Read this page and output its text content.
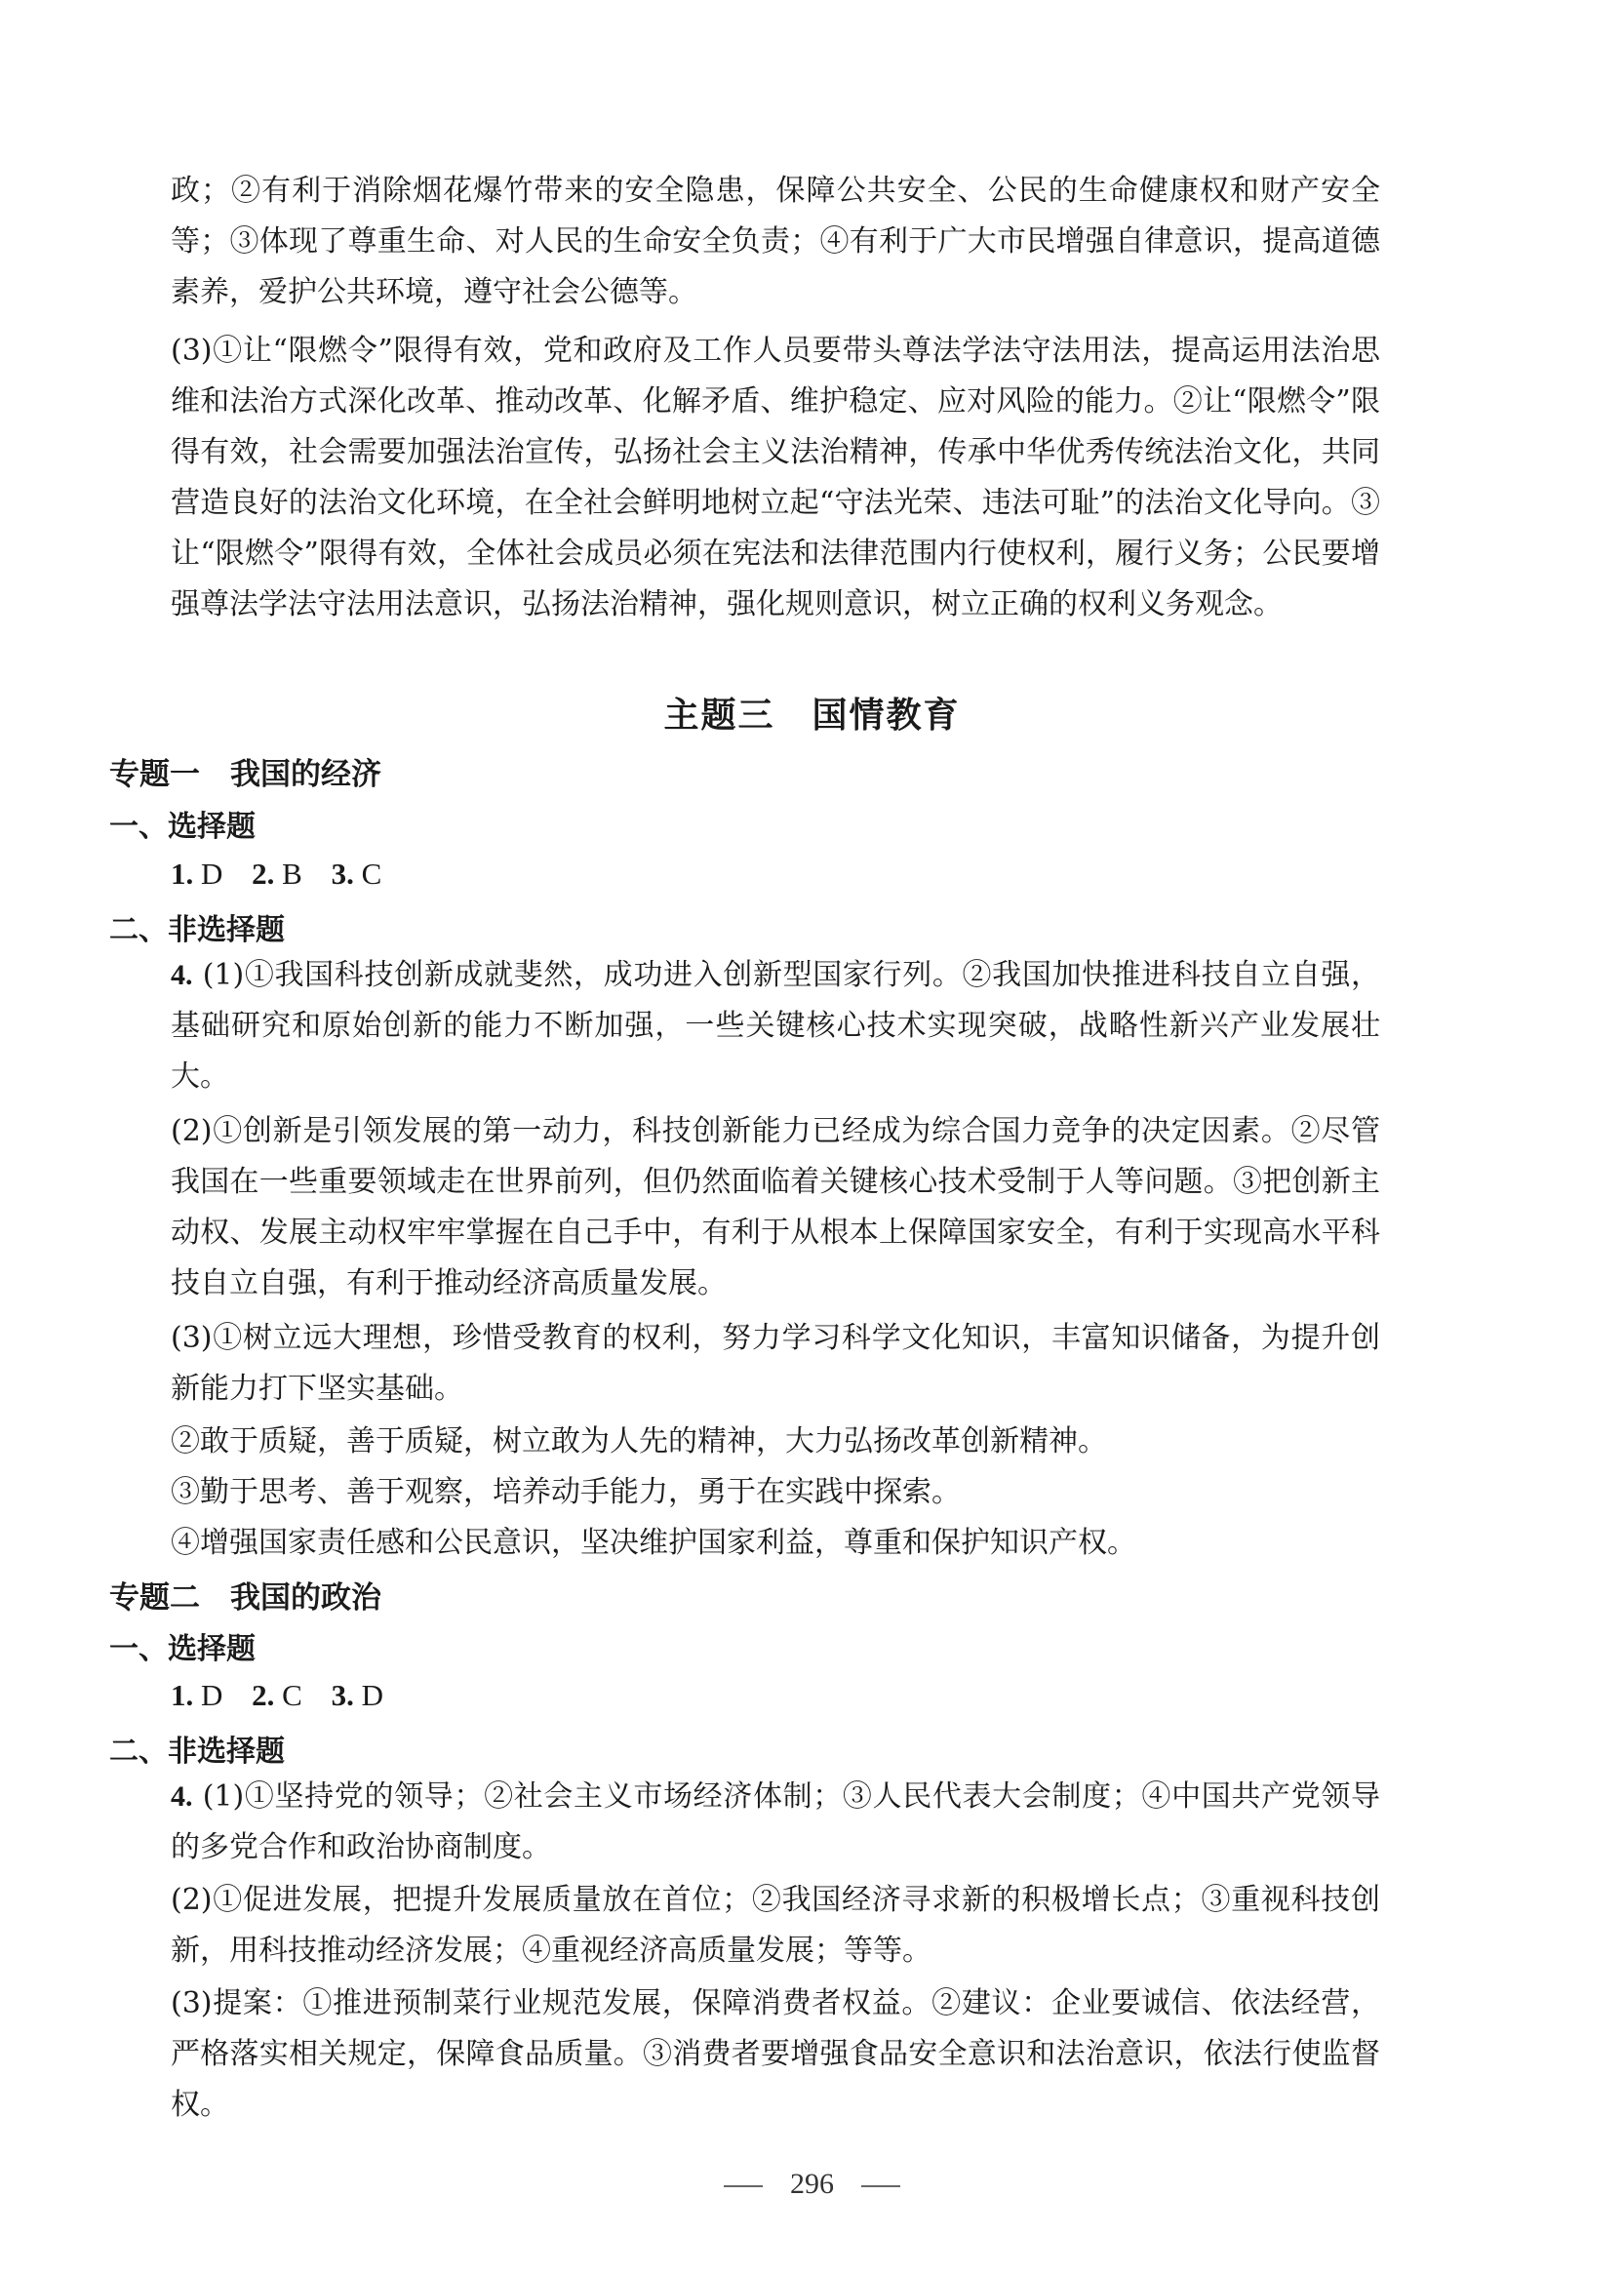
政；②有利于消除烟花爆竹带来的安全隐患，保障公共安全、公民的生命健康权和财产安全等；③体现了尊重生命、对人民的生命安全负责；④有利于广大市民增强自律意识，提高道德素养，爱护公共环境，遵守社会公德等。

(3)①让“限燃令”限得有效，党和政府及工作人员要带头尊法学法守法用法，提高运用法治思维和法治方式深化改革、推动改革、化解矛盾、维护稳定、应对风险的能力。②让“限燃令”限得有效，社会需要加强法治宣传，弘扬社会主义法治精神，传承中华优秀传统法治文化，共同营造良好的法治文化环境，在全社会鲜明地树立起“守法光荣、违法可耻”的法治文化导向。③让“限燃令”限得有效，全体社会成员必须在宪法和法律范围内行使权利，履行义务；公民要增强尊法学法守法用法意识，弘扬法治精神，强化规则意识，树立正确的权利义务观念。

主题三　国情教育
专题一　我国的经济
一、选择题
1. D 2. B 3. C
二、非选择题

4. (1)①我国科技创新成就斐然，成功进入创新型国家行列。②我国加快推进科技自立自强，基础研究和原始创新的能力不断加强，一些关键核心技术实现突破，战略性新兴产业发展壮大。

(2)①创新是引领发展的第一动力，科技创新能力已经成为综合国力竞争的决定因素。②尽管我国在一些重要领域走在世界前列，但仍然面临着关键核心技术受制于人等问题。③把创新主动权、发展主动权牢牢掌握在自己手中，有利于从根本上保障国家安全，有利于实现高水平科技自立自强，有利于推动经济高质量发展。

(3)①树立远大理想，珍惜受教育的权利，努力学习科学文化知识，丰富知识储备，为提升创新能力打下坚实基础。

②敢于质疑，善于质疑，树立敢为人先的精神，大力弘扬改革创新精神。

③勤于思考、善于观察，培养动手能力，勇于在实践中探索。

④增强国家责任感和公民意识，坚决维护国家利益，尊重和保护知识产权。

专题二　我国的政治
一、选择题
1. D 2. C 3. D
二、非选择题

4. (1)①坚持党的领导；②社会主义市场经济体制；③人民代表大会制度；④中国共产党领导的多党合作和政治协商制度。

(2)①促进发展，把提升发展质量放在首位；②我国经济寻求新的积极增长点；③重视科技创新，用科技推动经济发展；④重视经济高质量发展；等等。

(3)提案：①推进预制菜行业规范发展，保障消费者权益。②建议：企业要诚信、依法经营，严格落实相关规定，保障食品质量。③消费者要增强食品安全意识和法治意识，依法行使监督权。

296
